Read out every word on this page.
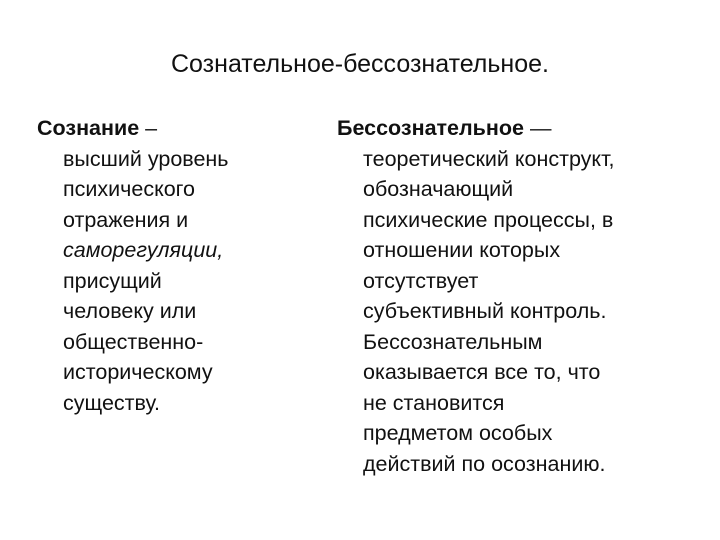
Сознательное-бессознательное.
Сознание –
высший уровень
психического
отражения и
саморегуляции,
присущий
человеку или
общественно-
историческому
существу.
Бессознательное —
теоретический конструкт,
обозначающий
психические процессы, в
отношении которых
отсутствует
субъективный контроль.
Бессознательным
оказывается все то, что
не становится
предметом особых
действий по осознанию.
